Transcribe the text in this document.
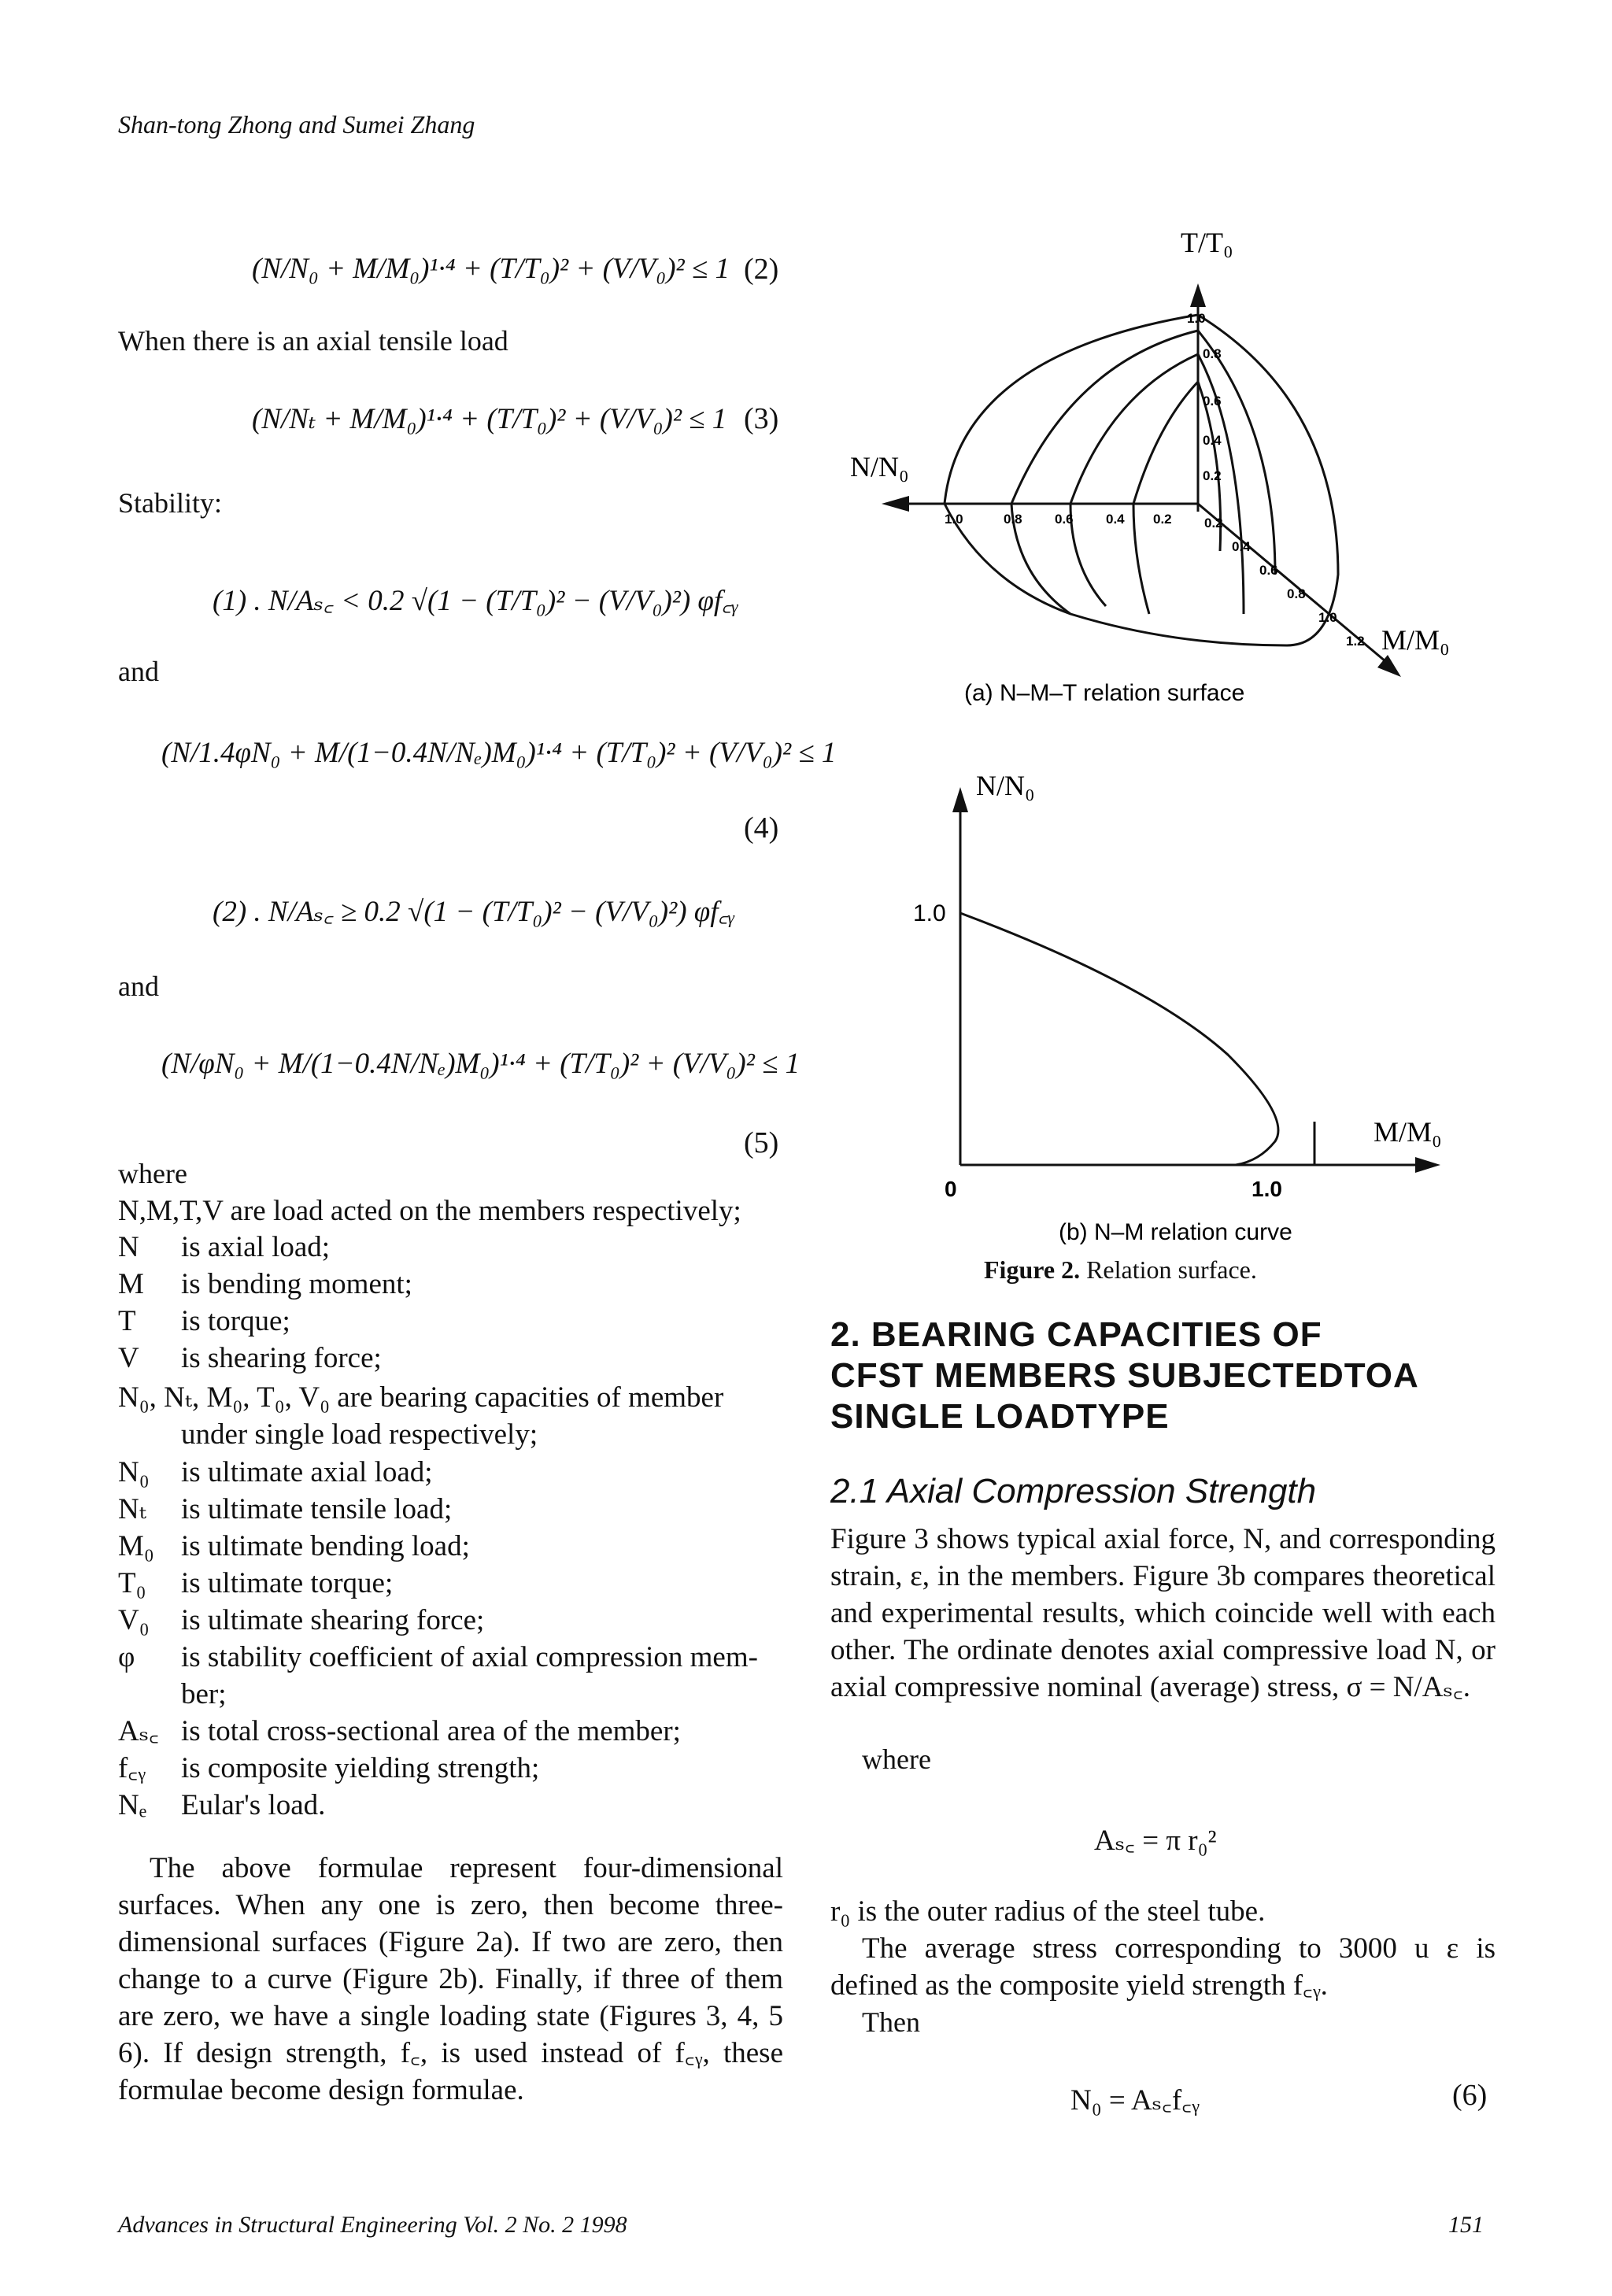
Shan-tong Zhong and Sumei Zhang
(N/N₀ + M/M₀)¹·⁴ + (T/T₀)² + (V/V₀)² ≤ 1 (2)
When there is an axial tensile load
(N/Nₜ + M/M₀)¹·⁴ + (T/T₀)² + (V/V₀)² ≤ 1 (3)
Stability:
(1) . N/Aₛ꜀ < 0.2 √(1 − (T/T₀)² − (V/V₀)²) φf꜀ᵧ
and
(N/1.4φN₀ + M/(1−0.4N/Nₑ)M₀)¹·⁴ + (T/T₀)² + (V/V₀)² ≤ 1
(4)
(2) . N/Aₛ꜀ ≥ 0.2 √(1 − (T/T₀)² − (V/V₀)²) φf꜀ᵧ
and
(N/φN₀ + M/(1−0.4N/Nₑ)M₀)¹·⁴ + (T/T₀)² + (V/V₀)² ≤ 1
(5)
where
N,M,T,V are load acted on the members respectively;
N	is axial load;
M	is bending moment;
T	is torque;
V	is shearing force;
N₀, Nₜ, M₀, T₀, V₀ are bearing capacities of member
under single load respectively;
N₀	is ultimate axial load;
Nₜ	is ultimate tensile load;
M₀ is ultimate bending load;
T₀	is ultimate torque;
V₀	is ultimate shearing force;
φ	is stability coefficient of axial compression mem-
ber;
Aₛ꜀ is total cross-sectional area of the member;
f꜀ᵧ	is composite yielding strength;
Nₑ	Eular's load.
The above formulae represent four-dimensional surfaces. When any one is zero, then become three-dimensional surfaces (Figure 2a). If two are zero, then change to a curve (Figure 2b). Finally, if three of them are zero, we have a single loading state (Figures 3, 4, 5 6). If design strength, f꜀, is used instead of f꜀ᵧ, these formulae become design formulae.
T/T₀
N/N₀
M/M₀
1.0
0.8
0.6
0.4
0.2
1.0	0.8 0.6 0.4 0.2 0.2
0.4
0.6
0.8
1.0
1.2
(a) N–M–T relation surface
N/N₀
1.0
0	1.0
M/M₀
(b) N–M relation curve
Figure 2. Relation surface.
2. BEARING CAPACITIES OF
CFST MEMBERS SUBJECTEDTOA
SINGLE LOADTYPE
2.1 Axial Compression Strength
Figure 3 shows typical axial force, N, and corresponding strain, ε, in the members. Figure 3b compares theoretical and experimental results, which coincide well with each other. The ordinate denotes axial compressive load N, or axial compressive nominal (average) stress, σ = N/Aₛ꜀.
where
Aₛ꜀ = π r₀²
r₀ is the outer radius of the steel tube.
The average stress corresponding to 3000 u ε is defined as the composite yield strength f꜀ᵧ.
Then
N₀ = Aₛ꜀f꜀ᵧ	(6)
Advances in Structural Engineering Vol. 2 No. 2 1998	151
